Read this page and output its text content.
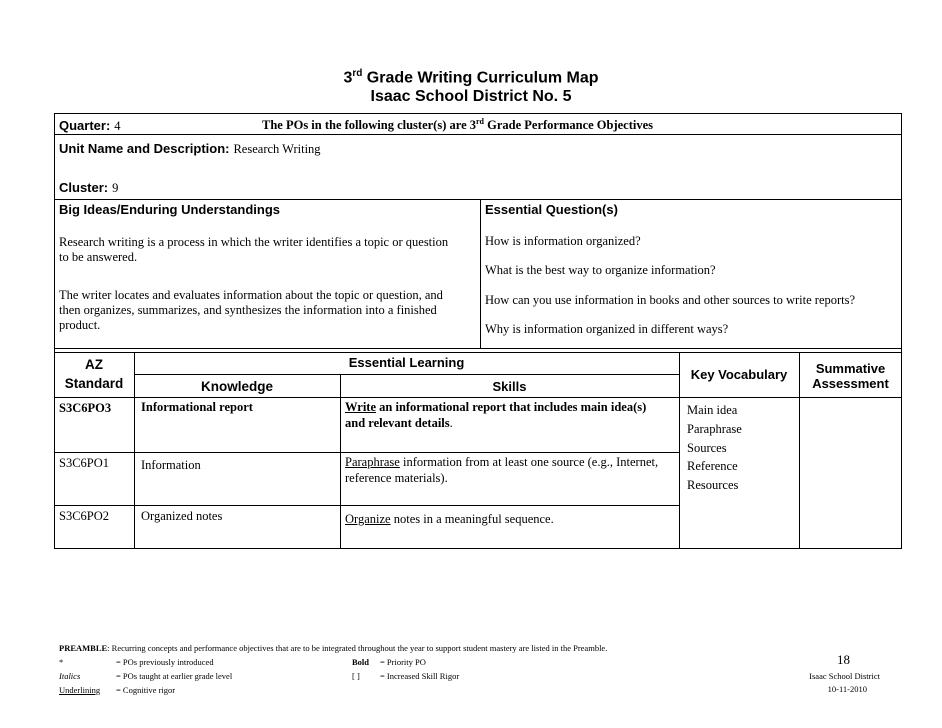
3rd Grade Writing Curriculum Map
Isaac School District No. 5
Quarter: 4	The POs in the following cluster(s) are 3rd Grade Performance Objectives
Unit Name and Description: Research Writing
Cluster: 9
Big Ideas/Enduring Understandings
Research writing is a process in which the writer identifies a topic or question
to be answered.
The writer locates and evaluates information about the topic or question, and
then organizes, summarizes, and synthesizes the information into a finished
product.
Essential Question(s)
How is information organized?
What is the best way to organize information?
How can you use information in books and other sources to write reports?
Why is information organized in different ways?
AZ
Standard
Essential Learning
Knowledge	Skills
Key Vocabulary	Summative
Assessment
S3C6PO3 Informational report	Write an informational report that includes main idea(s)
and relevant details.
S3C6PO1	Information	Paraphrase information from at least one source (e.g., Internet,
reference materials).
S3C6PO2	Organized notes	Organize notes in a meaningful sequence.
Main idea
Paraphrase
Sources
Reference
Resources
PREAMBLE: Recurring concepts and performance objectives that are to be integrated throughout the year to support student mastery are listed in the Preamble.
*	= POs previously introduced
Italics	= POs taught at earlier grade level
Underlining = Cognitive rigor
Bold = Priority PO
[ ] = Increased Skill Rigor
18
Isaac School District
10-11-2010
